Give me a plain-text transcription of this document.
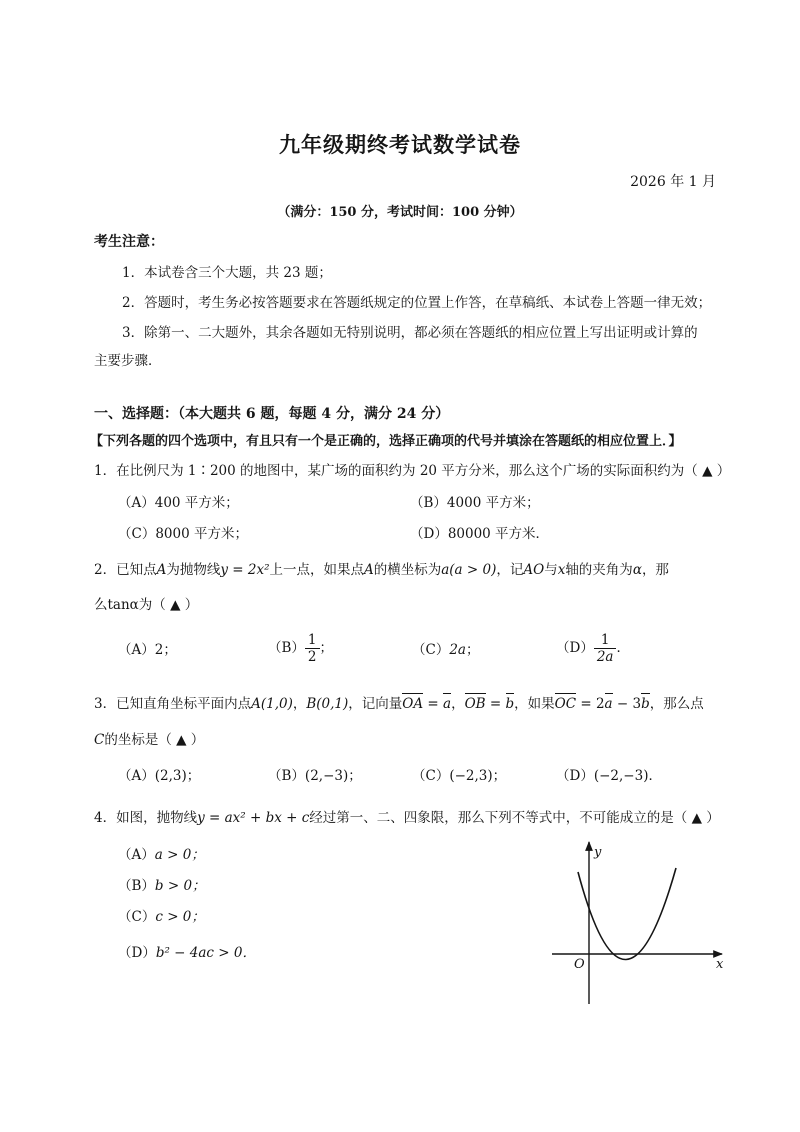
九年级期终考试数学试卷
2026 年 1 月
（满分：150 分，考试时间：100 分钟）
考生注意：
1．本试卷含三个大题，共 23 题；
2．答题时，考生务必按答题要求在答题纸规定的位置上作答，在草稿纸、本试卷上答题一律无效；
3．除第一、二大题外，其余各题如无特别说明，都必须在答题纸的相应位置上写出证明或计算的
主要步骤．
一、选择题：（本大题共 6 题，每题 4 分，满分 24 分）
【下列各题的四个选项中，有且只有一个是正确的，选择正确项的代号并填涂在答题纸的相应位置上．】
1．在比例尺为 1∶200 的地图中，某广场的面积约为 20 平方分米，那么这个广场的实际面积约为（ ▲ ）
（A）400 平方米；	（B）4000 平方米；
（C）8000 平方米；	（D）80000 平方米．
2．已知点A为抛物线y = 2x²上一点，如果点A的横坐标为a(a > 0)，记AO与x轴的夹角为α，那
么tanα为（ ▲ ）
（A）2；	$(B) \frac{1}{2}$ ；	（C）2a；	$(D) \frac{1}{2a}$ ．
3．已知直角坐标平面内点A(1,0)，B(0,1)，记向量OA = a，OB = b，如果OC = 2a − 3b，那么点
C的坐标是（ ▲ ）
（A）(2,3)；	（B）(2,−3)；	（C）(−2,3)；	（D）(−2,−3)．
4．如图，抛物线y = ax² + bx + c经过第一、二、四象限，那么下列不等式中，不可能成立的是（ ▲ ）
（A）a > 0；
（B）b > 0；
（C）c > 0；
（D）b² − 4ac > 0．
y
x
O
